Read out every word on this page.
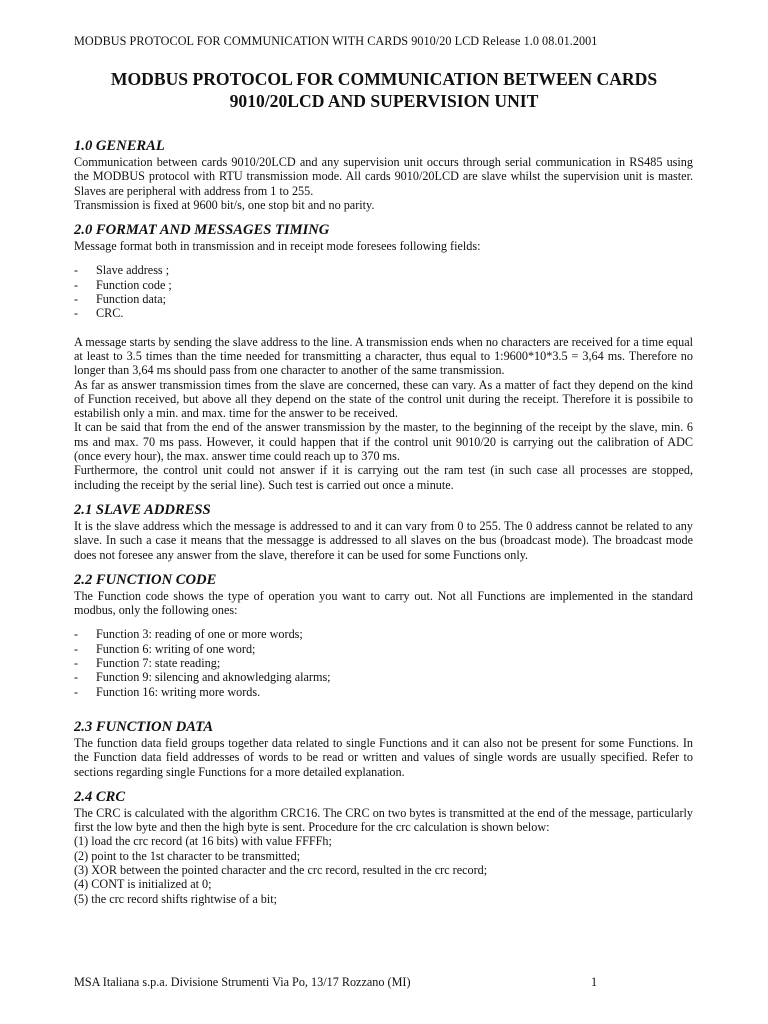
MODBUS PROTOCOL FOR COMMUNICATION WITH CARDS 9010/20 LCD Release 1.0 08.01.2001
MODBUS PROTOCOL FOR COMMUNICATION BETWEEN CARDS
9010/20LCD AND SUPERVISION UNIT
1.0 GENERAL

Communication between cards 9010/20LCD and any supervision unit occurs through serial communication in RS485 using the MODBUS protocol with RTU transmission mode. All cards 9010/20LCD are slave whilst the supervision unit is master. Slaves are peripheral with address from 1 to 255.

Transmission is fixed at 9600 bit/s, one stop bit and no parity.

2.0 FORMAT AND MESSAGES TIMING

Message format both in transmission and in receipt mode foresees following fields:

- Slave address ;
- Function code ;
- Function data;
- CRC.

A message starts by sending the slave address to the line. A transmission ends when no characters are received for a time equal at least to 3.5 times than the time needed for transmitting a character, thus equal to 1:9600*10*3.5 = 3,64 ms. Therefore no longer than 3,64 ms should pass from one character to another of the same transmission.

As far as answer transmission times from the slave are concerned, these can vary. As a matter of fact they depend on the kind of Function received, but above all they depend on the state of the control unit during the receipt. Therefore it is possibile to estabilish only a min. and max. time for the answer to be received.

It can be said that from the end of the answer transmission by the master, to the beginning of the receipt by the slave, min. 6 ms and max. 70 ms pass. However, it could happen that if the control unit 9010/20 is carrying out the calibration of ADC (once every hour), the max. answer time could reach up to 370 ms.

Furthermore, the control unit could not answer if it is carrying out the ram test (in such case all processes are stopped, including the receipt by the serial line). Such test is carried out once a minute.

2.1 SLAVE ADDRESS

It is the slave address which the message is addressed to and it can vary from 0 to 255. The 0 address cannot be related to any slave. In such a case it means that the messagge is addressed to all slaves on the bus (broadcast mode). The broadcast mode does not foresee any answer from the slave, therefore it can be used for some Functions only.

2.2 FUNCTION CODE

The Function code shows the type of operation you want to carry out. Not all Functions are implemented in the standard modbus, only the following ones:

- Function 3: reading of one or more words;
- Function 6: writing of one word;
- Function 7: state reading;
- Function 9: silencing and aknowledging alarms;
- Function 16: writing more words.
2.3 FUNCTION DATA

The function data field groups together data related to single Functions and it can also not be present for some Functions. In the Function data field addresses of words to be read or written and values of single words are usually specified. Refer to sections regarding single Functions for a more detailed explanation.

2.4 CRC

The CRC is calculated with the algorithm CRC16. The CRC on two bytes is transmitted at the end of the message, particularly first the low byte and then the high byte is sent. Procedure for the crc calculation is shown below:

(1) load the crc record (at 16 bits) with value FFFFh;
(2) point to the 1st character to be transmitted;
(3) XOR between the pointed character and the crc record, resulted in the crc record;
(4) CONT is initialized at 0;
(5) the crc record shifts rightwise of a bit;
MSA Italiana s.p.a. Divisione Strumenti Via Po, 13/17 Rozzano (MI)	1
